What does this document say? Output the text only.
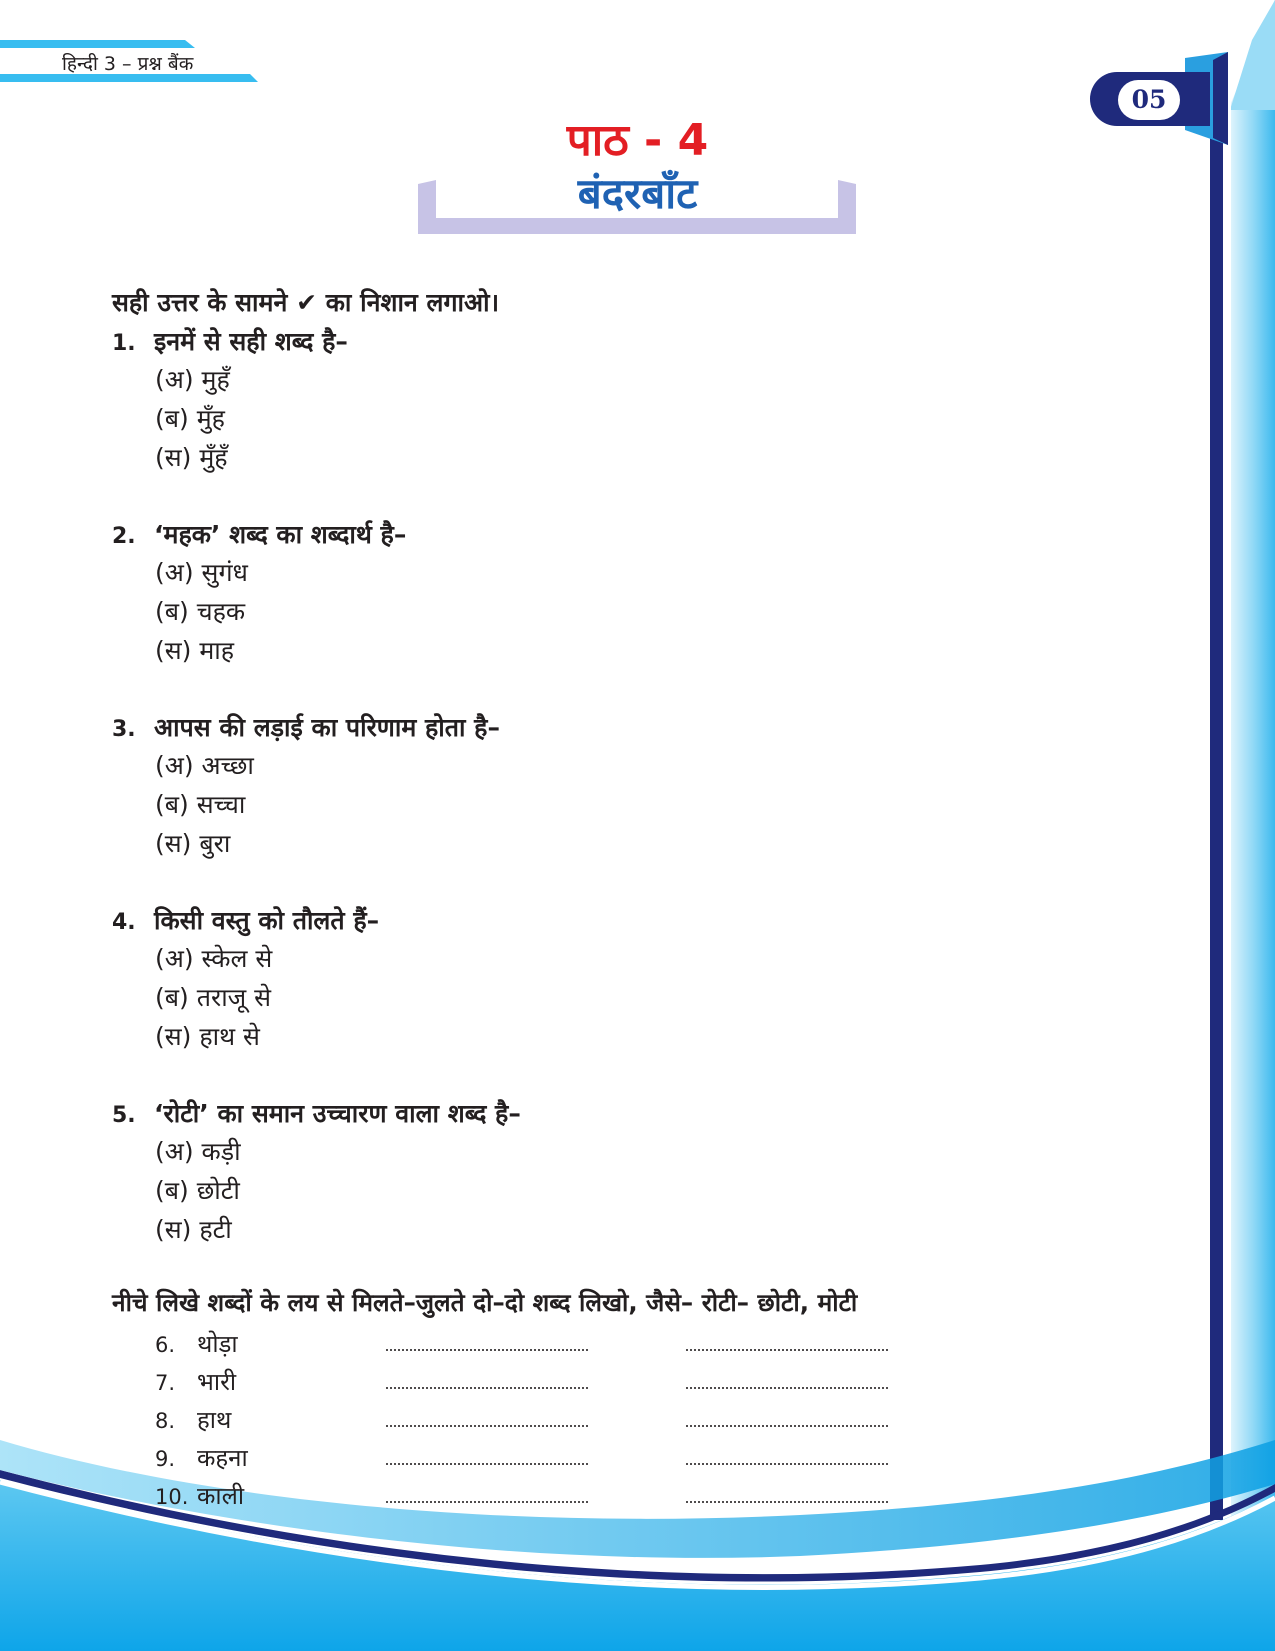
हिन्दी 3 – प्रश्न बैंक
05
पाठ - 4
बंदरबाँट
सही उत्तर के सामने ✔ का निशान लगाओ।
1. इनमें से सही शब्द है–
(अ) मुहँ
(ब) मुँह
(स) मुँहँ
2. ‘महक’ शब्द का शब्दार्थ है–
(अ) सुगंध
(ब) चहक
(स) माह
3. आपस की लड़ाई का परिणाम होता है–
(अ) अच्छा
(ब) सच्चा
(स) बुरा
4. किसी वस्तु को तौलते हैं–
(अ) स्केल से
(ब) तराजू से
(स) हाथ से
5. ‘रोटी’ का समान उच्चारण वाला शब्द है–
(अ) कड़ी
(ब) छोटी
(स) हटी
नीचे लिखे शब्दों के लय से मिलते–जुलते दो–दो शब्द लिखो, जैसे– रोटी– छोटी, मोटी
6. थोड़ा
7. भारी
8. हाथ
9. कहना
10. काली
